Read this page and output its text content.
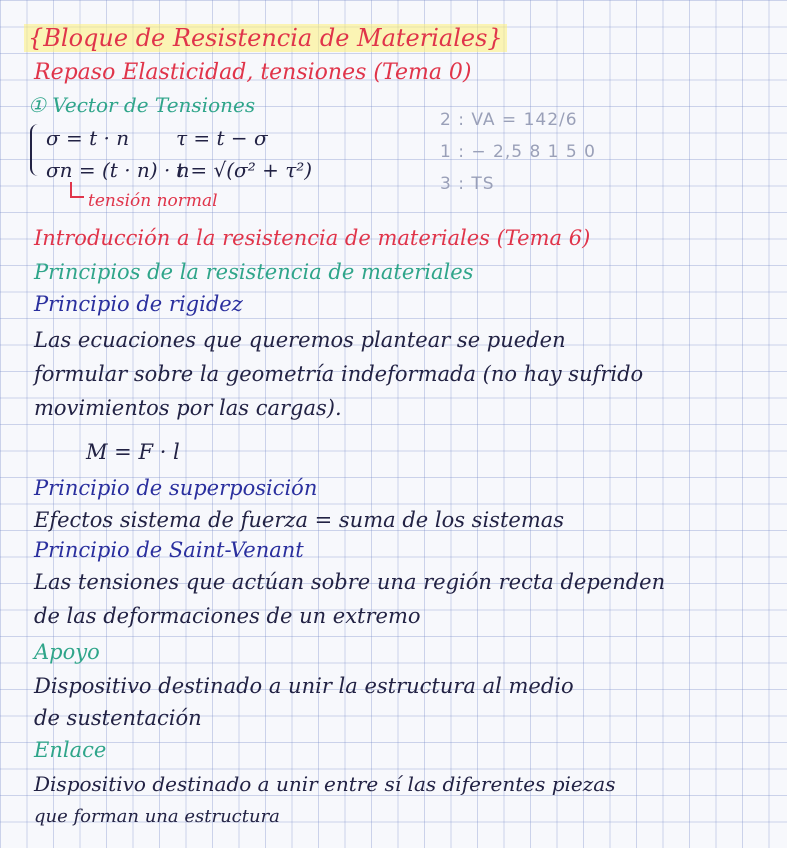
{Bloque de Resistencia de Materiales}
Repaso Elasticidad, tensiones (Tema 0)
① Vector de Tensiones
σ = t · n τ = t − σ
σn = (t · n) · n
t = √(σ² + τ²)
tensión normal
2 : VA = 142/6
1 : − 2,5 8 1 5 0
3 : TS
Introducción a la resistencia de materiales (Tema 6)
Principios de la resistencia de materiales
Principio de rigidez
Las ecuaciones que queremos plantear se pueden
formular sobre la geometría indeformada (no hay sufrido
movimientos por las cargas).
M = F · l
Principio de superposición
Efectos sistema de fuerza = suma de los sistemas
Principio de Saint-Venant
Las tensiones que actúan sobre una región recta dependen
de las deformaciones de un extremo
Apoyo
Dispositivo destinado a unir la estructura al medio
de sustentación
Enlace
Dispositivo destinado a unir entre sí las diferentes piezas
que forman una estructura
